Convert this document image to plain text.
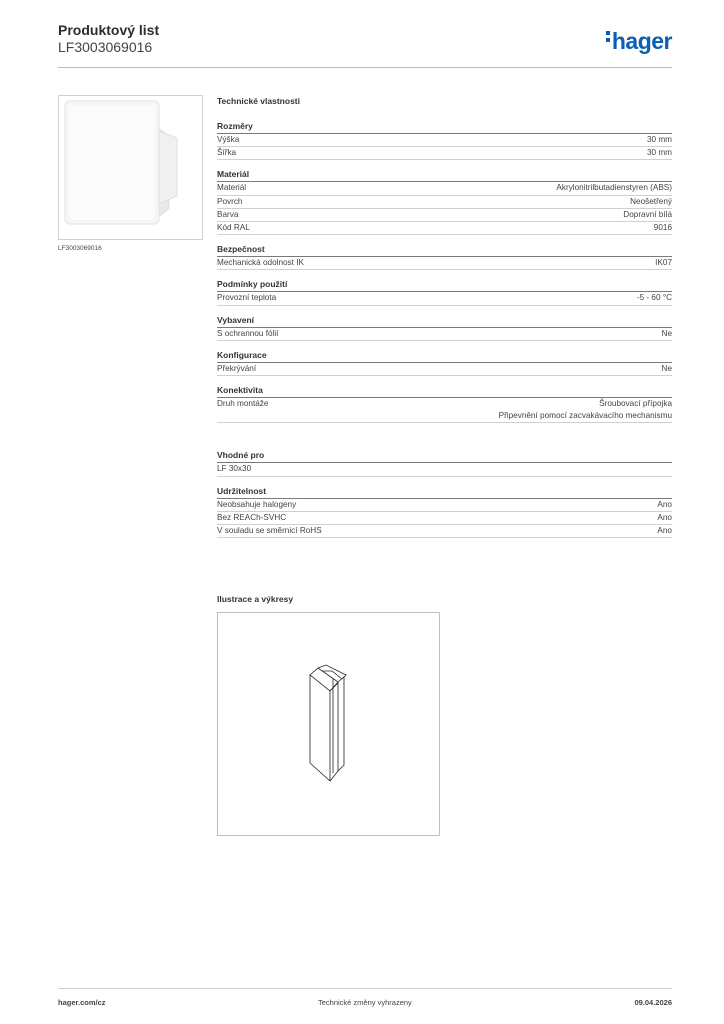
Produktový list
LF3003069016	hager
LF3003069016
Technické vlastnosti
Rozměry
Výška	30 mm
Šířka	30 mm
Materiál
Materiál	Akrylonitrilbutadienstyren (ABS)
Povrch	Neošetřený
Barva	Dopravní bílá
Kód RAL	9016
Bezpečnost
Mechanická odolnost IK	IK07
Podmínky použití
Provozní teplota	-5 - 60 °C
Vybavení
S ochrannou fólií	Ne
Konfigurace
Překrývání	Ne
Konektivita
Druh montáže	Šroubovací přípojka
Připevnění pomocí zacvakávacího mechanismu
Vhodné pro
LF 30x30
Udržitelnost
Neobsahuje halogeny	Ano
Bez REACh-SVHC	Ano
V souladu se směrnicí RoHS	Ano
Ilustrace a výkresy
hager.com/cz	Technické změny vyhrazeny	09.04.2026
